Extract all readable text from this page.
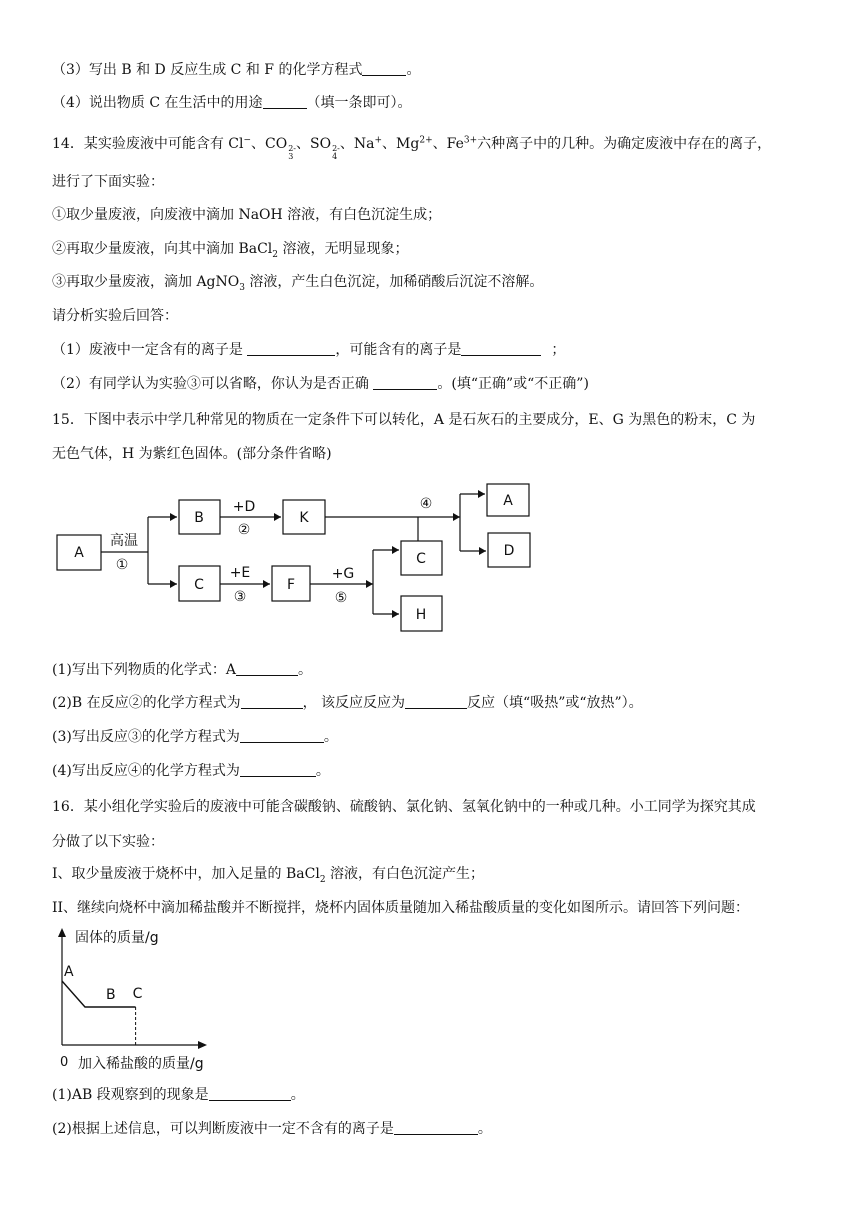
（3）写出 B 和 D 反应生成 C 和 F 的化学方程式	。
（4）说出物质 C 在生活中的用途	（填一条即可）。
14．某实验废液中可能含有 Cl−、CO 2-
3
、SO 2-
4
、Na+、$Mg^{2+}$、$Fe^{3+}$六种离子中的几种。为确定废液中存在的离子，
进行了下面实验：
①取少量废液，向废液中滴加 NaOH 溶液，有白色沉淀生成；
②再取少量废液，向其中滴加 BaCl$_2$ 溶液，无明显现象；
③再取少量废液，滴加 AgNO$_3$ 溶液，产生白色沉淀，加稀硝酸后沉淀不溶解。
请分析实验后回答：
（1）废液中一定含有的离子是	，可能含有的离子是	；
（2）有同学认为实验③可以省略，你认为是否正确	。(填“正确”或“不正确”)
15．下图中表示中学几种常见的物质在一定条件下可以转化，A 是石灰石的主要成分，E、G 为黑色的粉末，C 为
无色气体，H 为紫红色固体。(部分条件省略)
A
B	K
C	F
A
D
C
H
高温
①
+D
②
④
+E
③
+G
⑤
(1)写出下列物质的化学式：A	。
(2)B 在反应②的化学方程式为	， 该反应反应为	反应（填“吸热”或“放热”）。
(3)写出反应③的化学方程式为	。
(4)写出反应④的化学方程式为	。
16．某小组化学实验后的废液中可能含碳酸钠、硫酸钠、氯化钠、氢氧化钠中的一种或几种。小工同学为探究其成
分做了以下实验：
I、取少量废液于烧杯中，加入足量的 BaCl$_2$ 溶液，有白色沉淀产生；
II、继续向烧杯中滴加稀盐酸并不断搅拌，烧杯内固体质量随加入稀盐酸质量的变化如图所示。请回答下列问题：
固体的质量/g
加入稀盐酸的质量/g
0
A
B C
(1)AB 段观察到的现象是	。
(2)根据上述信息，可以判断废液中一定不含有的离子是	。
